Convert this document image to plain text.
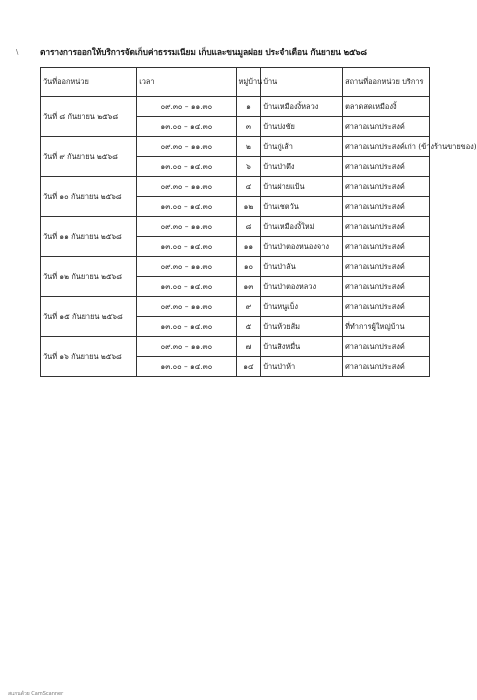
\	ตารางการออกให้บริการจัดเก็บค่าธรรมเนียม เก็บและขนมูลฝอย ประจำเดือน กันยายน ๒๕๖๘
วันที่ออกหน่วย	เวลา	หมู่บ้าน	บ้าน	สถานที่ออกหน่วย บริการ
วันที่ ๘ กันยายน ๒๕๖๘	๐๙.๓๐ – ๑๑.๓๐	๑	บ้านเหมืองงิ้หลวง	ตลาดสดเหมืองงิ้
	๑๓.๐๐ – ๑๔.๓๐	๓	บ้านปงชัย	ศาลาอเนกประสงค์
วันที่ ๙ กันยายน ๒๕๖๘	๐๙.๓๐ – ๑๑.๓๐	๒	บ้านกู่เส้า	ศาลาอเนกประสงค์เก่า (ข้างร้านขายของ)
	๑๓.๐๐ – ๑๔.๓๐	๖	บ้านป่าตึง	ศาลาอเนกประสงค์
วันที่ ๑๐ กันยายน ๒๕๖๘	๐๙.๓๐ – ๑๑.๓๐	๔	บ้านฝายแป้น	ศาลาอเนกประสงค์
	๑๓.๐๐ – ๑๔.๓๐	๑๒	บ้านเชตวัน	ศาลาอเนกประสงค์
วันที่ ๑๑ กันยายน ๒๕๖๘	๐๙.๓๐ – ๑๑.๓๐	๘	บ้านเหมืองงิ้ใหม่	ศาลาอเนกประสงค์
	๑๓.๐๐ – ๑๔.๓๐	๑๑	บ้านป่าตองหนองจาง	ศาลาอเนกประสงค์
วันที่ ๑๒ กันยายน ๒๕๖๘	๐๙.๓๐ – ๑๑.๓๐	๑๐	บ้านป่าลัน	ศาลาอเนกประสงค์
	๑๓.๐๐ – ๑๔.๓๐	๑๓	บ้านป่าตองหลวง	ศาลาอเนกประสงค์
วันที่ ๑๕ กันยายน ๒๕๖๘	๐๙.๓๐ – ๑๑.๓๐	๙	บ้านหนูเบ็ง	ศาลาอเนกประสงค์
	๑๓.๐๐ – ๑๔.๓๐	๕	บ้านห้วยส้ม	ที่ทำการผู้ใหญ่บ้าน
วันที่ ๑๖ กันยายน ๒๕๖๘	๐๙.๓๐ – ๑๑.๓๐	๗	บ้านสิงหมื่น	ศาลาอเนกประสงค์
	๑๓.๐๐ – ๑๔.๓๐	๑๔	บ้านป่าห้า	ศาลาอเนกประสงค์
สแกนด้วย CamScanner
